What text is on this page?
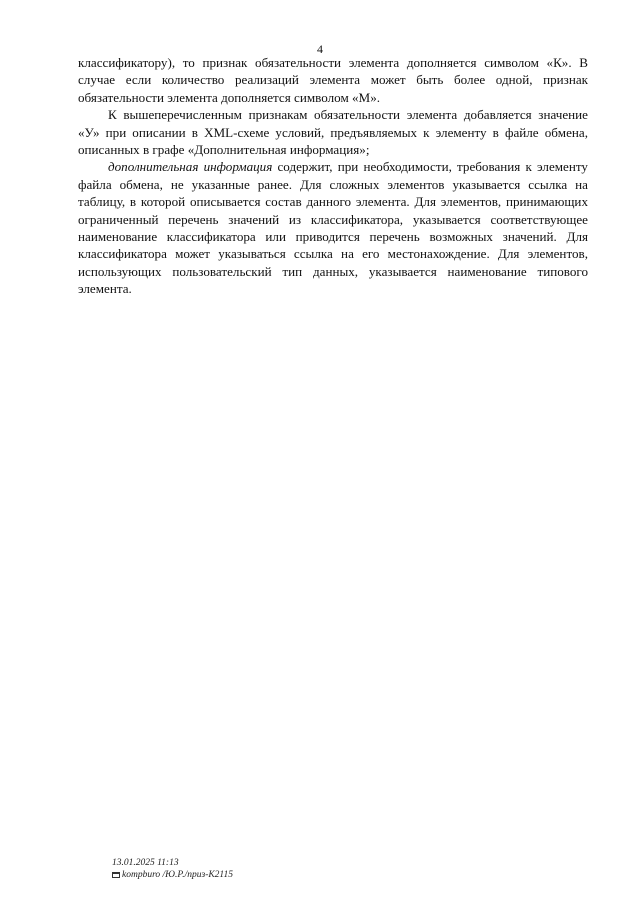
4

классификатору), то признак обязательности элемента дополняется символом «К». В случае если количество реализаций элемента может быть более одной, признак обязательности элемента дополняется символом «М».

К вышеперечисленным признакам обязательности элемента добавляется значение «У» при описании в XML-схеме условий, предъявляемых к элементу в файле обмена, описанных в графе «Дополнительная информация»;

дополнительная информация содержит, при необходимости, требования к элементу файла обмена, не указанные ранее. Для сложных элементов указывается ссылка на таблицу, в которой описывается состав данного элемента. Для элементов, принимающих ограниченный перечень значений из классификатора, указывается соответствующее наименование классификатора или приводится перечень возможных значений. Для классификатора может указываться ссылка на его местонахождение. Для элементов, использующих пользовательский тип данных, указывается наименование типового элемента.

13.01.2025 11:13
kompburo /Ю.Р./приз-К2115
